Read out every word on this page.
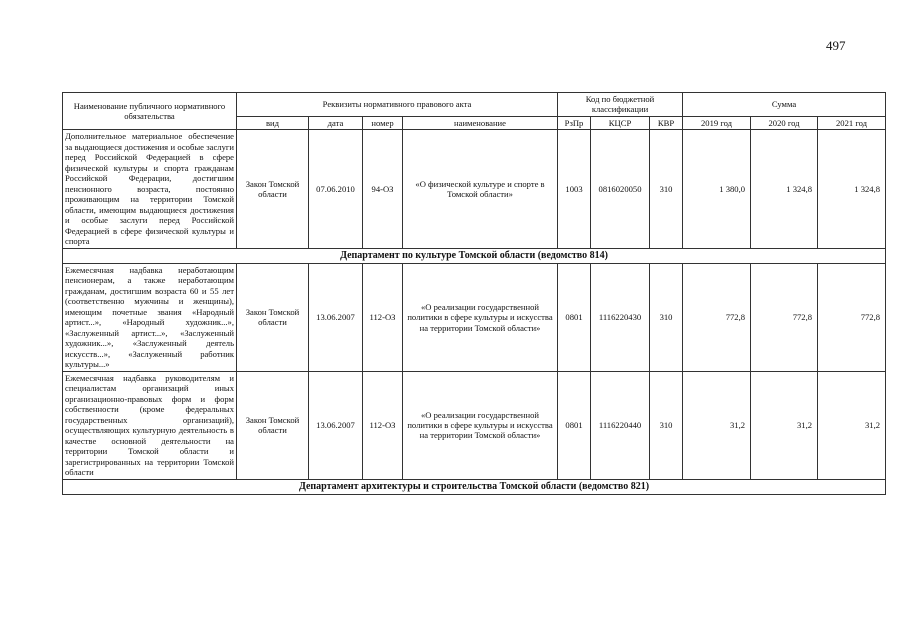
497
Наименование публичного нормативного обязательства	Реквизиты нормативного правового акта				Код по бюджетной классификации			Сумма		
	вид	дата	номер	наименование	РзПр	КЦСР	КВР	2019 год	2020 год	2021 год
Дополнительное материальное обеспечение за выдающиеся достижения и особые заслуги перед Российской Федерацией в сфере физической культуры и спорта гражданам Российской Федерации, достигшим пенсионного возраста, постоянно проживающим на территории Томской области, имеющим выдающиеся достижения и особые заслуги перед Российской Федерацией в сфере физической культуры и спорта	Закон Томской области	07.06.2010	94-ОЗ	«О физической культуре и спорте в Томской области»	1003	0816020050	310	1 380,0	1 324,8	1 324,8
Департамент по культуре Томской области (ведомство 814)										
Ежемесячная надбавка неработающим пенсионерам, а также неработающим гражданам, достигшим возраста 60 и 55 лет (соответственно мужчины и женщины), имеющим почетные звания «Народный артист...», «Народный художник...», «Заслуженный артист...», «Заслуженный художник...», «Заслуженный деятель искусств...», «Заслуженный работник культуры...»	Закон Томской области	13.06.2007	112-ОЗ	«О реализации государственной политики в сфере культуры и искусства на территории Томской области»	0801	1116220430	310	772,8	772,8	772,8
Ежемесячная надбавка руководителям и специалистам организаций иных организационно-правовых форм и форм собственности (кроме федеральных государственных организаций), осуществляющих культурную деятельность в качестве основной деятельности на территории Томской области и зарегистрированных на территории Томской области	Закон Томской области	13.06.2007	112-ОЗ	«О реализации государственной политики в сфере культуры и искусства на территории Томской области»	0801	1116220440	310	31,2	31,2	31,2
Департамент архитектуры и строительства Томской области (ведомство 821)										
